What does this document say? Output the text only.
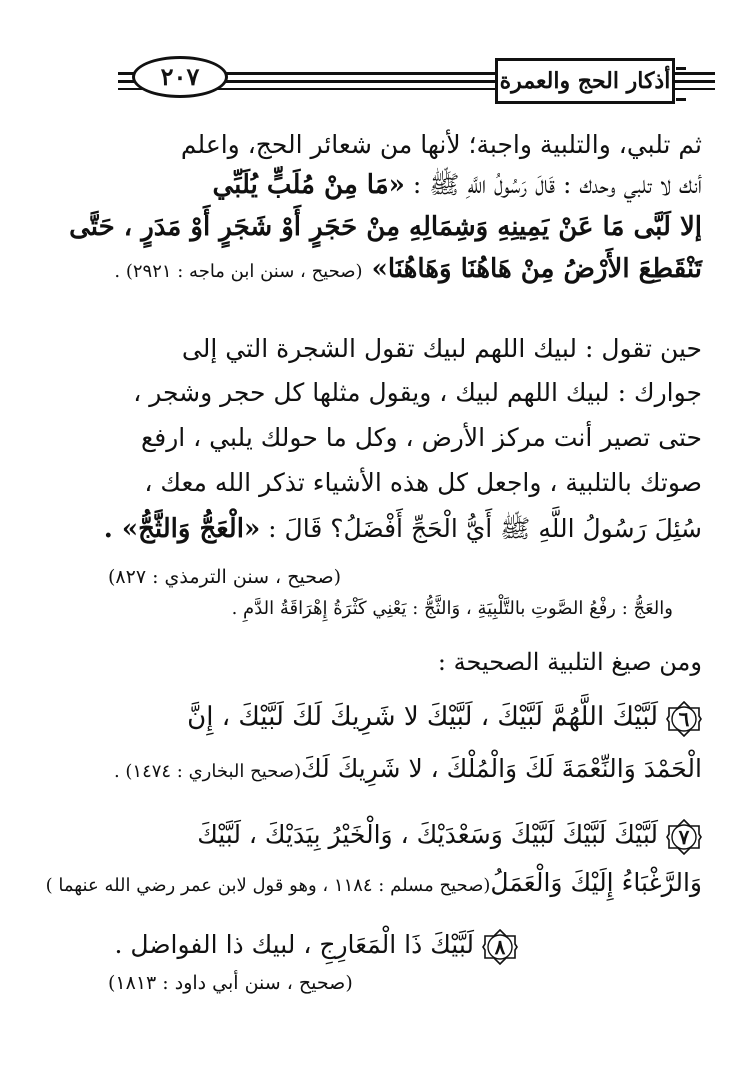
٢٠٧	أذكار الحج والعمرة
ثم تلبي، والتلبية واجبة؛ لأنها من شعائر الحج، واعلم
أنك لا تلبي وحدك : قَالَ رَسُولُ اللَّهِ ﷺ : «مَا مِنْ مُلَبٍّ يُلَبِّي
إلا لَبَّى مَا عَنْ يَمِينِهِ وَشِمَالِهِ مِنْ حَجَرٍ أَوْ شَجَرٍ أَوْ مَدَرٍ ، حَتَّى
تَنْقَطِعَ الأَرْضُ مِنْ هَاهُنَا وَهَاهُنَا» (صحيح ، سنن ابن ماجه : ٢٩٢١) .
حين تقول : لبيك اللهم لبيك تقول الشجرة التي إلى
جوارك : لبيك اللهم لبيك ، ويقول مثلها كل حجر وشجر ،
حتى تصير أنت مركز الأرض ، وكل ما حولك يلبي ، ارفع
صوتك بالتلبية ، واجعل كل هذه الأشياء تذكر الله معك ،
سُئِلَ رَسُولُ اللَّهِ ﷺ أَيُّ الْحَجِّ أَفْضَلُ؟ قَالَ : «الْعَجُّ وَالثَّجُّ» .
(صحيح ، سنن الترمذي : ٨٢٧)
والعَجُّ : رفْعُ الصَّوتِ بالتَّلْبِيَةِ ، وَالثَّجُّ : يَعْنِي كَثْرَةُ إِهْرَاقَةُ الدَّمِ .
ومن صيغ التلبية الصحيحة :
٦
لَبَّيْكَ اللَّهُمَّ لَبَّيْكَ ، لَبَّيْكَ لا شَرِيكَ لَكَ لَبَّيْكَ ، إِنَّ
الْحَمْدَ وَالنِّعْمَةَ لَكَ وَالْمُلْكَ ، لا شَرِيكَ لَكَ(صحيح البخاري : ١٤٧٤) .
٧
لَبَّيْكَ لَبَّيْكَ لَبَّيْكَ وَسَعْدَيْكَ ، وَالْخَيْرُ بِيَدَيْكَ ، لَبَّيْكَ
وَالرَّغْبَاءُ إِلَيْكَ وَالْعَمَلُ(صحيح مسلم : ١١٨٤ ، وهو قول لابن عمر رضي الله عنهما )
٨
لَبَّيْكَ ذَا الْمَعَارِجِ ، لبيك ذا الفواضل .
(صحيح ، سنن أبي داود : ١٨١٣)
